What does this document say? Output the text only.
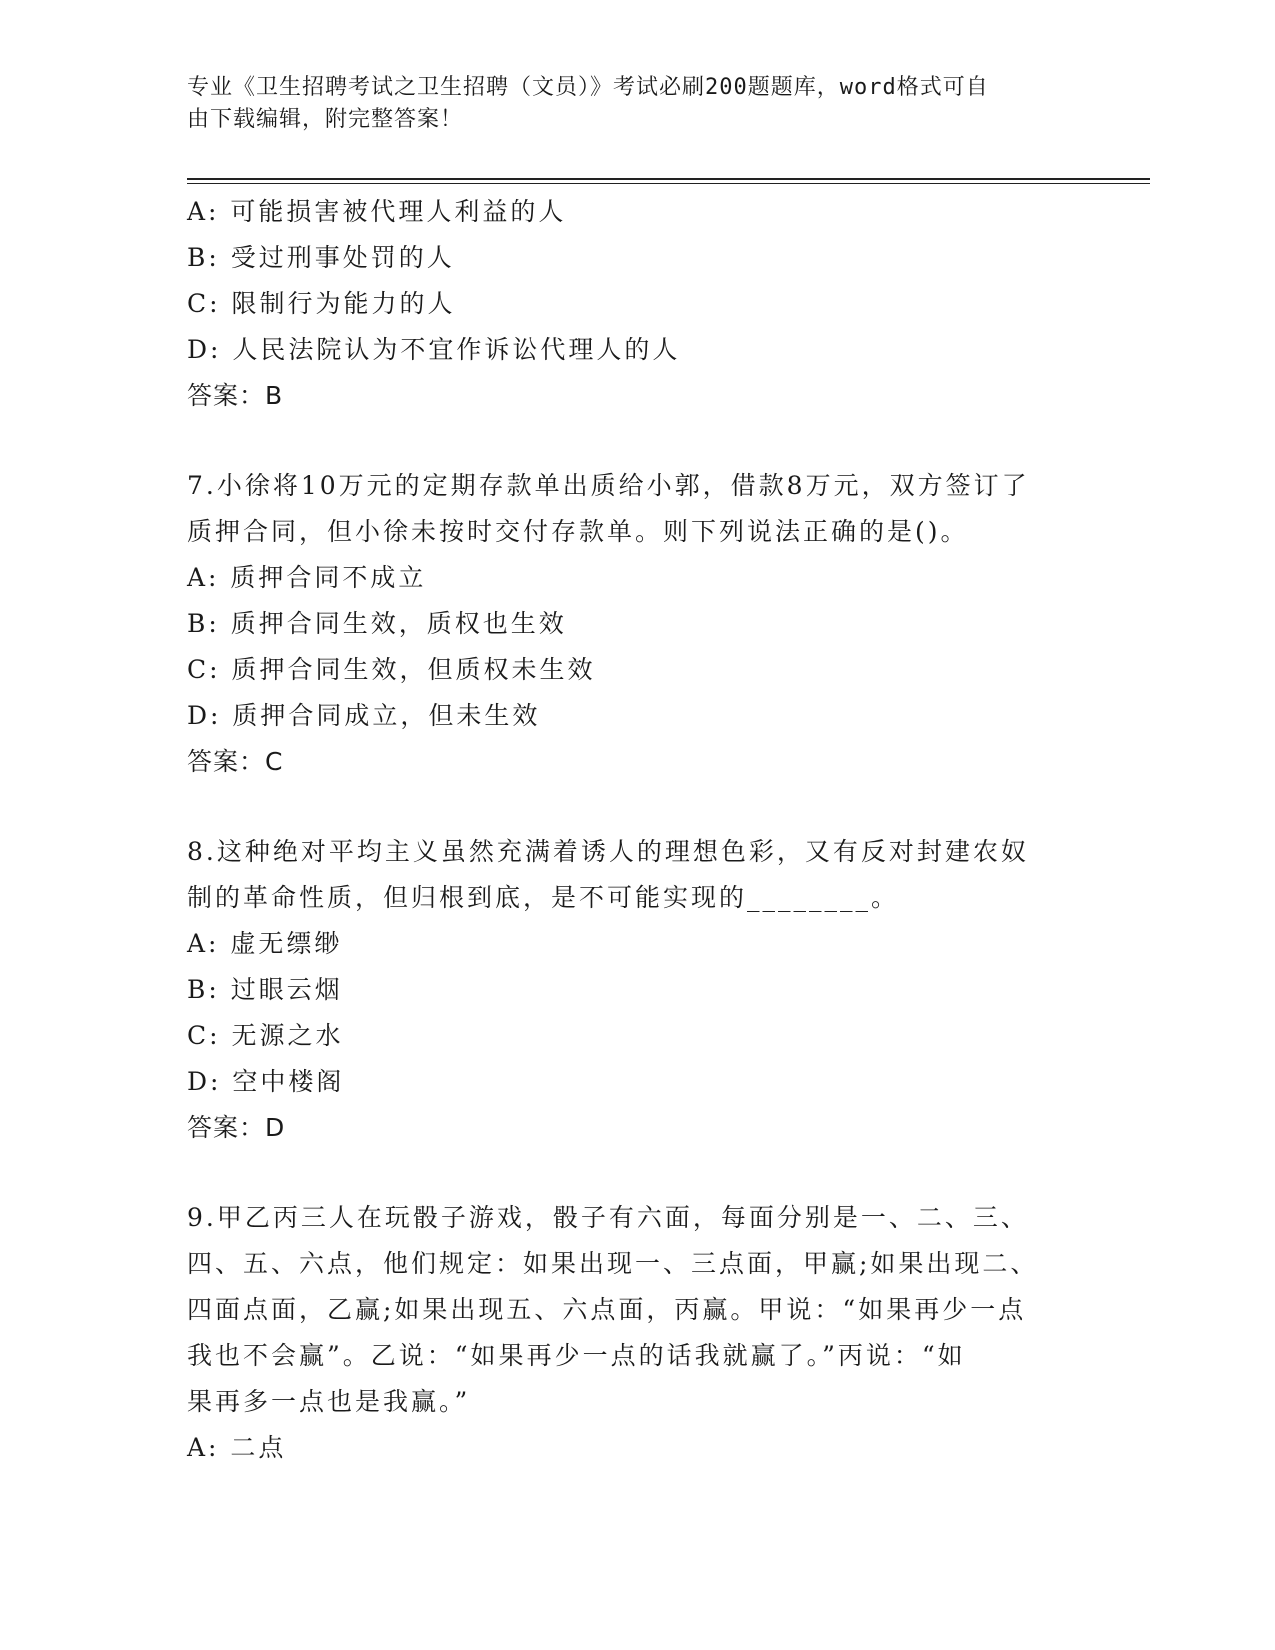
专业《卫生招聘考试之卫生招聘（文员）》考试必刷200题题库，word格式可自
由下载编辑，附完整答案！
A: 可能损害被代理人利益的人
B: 受过刑事处罚的人
C: 限制行为能力的人
D: 人民法院认为不宜作诉讼代理人的人
答案：B
7.小徐将10万元的定期存款单出质给小郭，借款8万元，双方签订了
质押合同，但小徐未按时交付存款单。则下列说法正确的是()。
A: 质押合同不成立
B: 质押合同生效，质权也生效
C: 质押合同生效，但质权未生效
D: 质押合同成立，但未生效
答案：C
8.这种绝对平均主义虽然充满着诱人的理想色彩，又有反对封建农奴
制的革命性质，但归根到底，是不可能实现的________。
A: 虚无缥缈
B: 过眼云烟
C: 无源之水
D: 空中楼阁
答案：D
9.甲乙丙三人在玩骰子游戏，骰子有六面，每面分别是一、二、三、
四、五、六点，他们规定：如果出现一、三点面，甲赢;如果出现二、
四面点面，乙赢;如果出现五、六点面，丙赢。甲说：“如果再少一点
我也不会赢”。乙说：“如果再少一点的话我就赢了。”丙说：“如
果再多一点也是我赢。”
A: 二点
